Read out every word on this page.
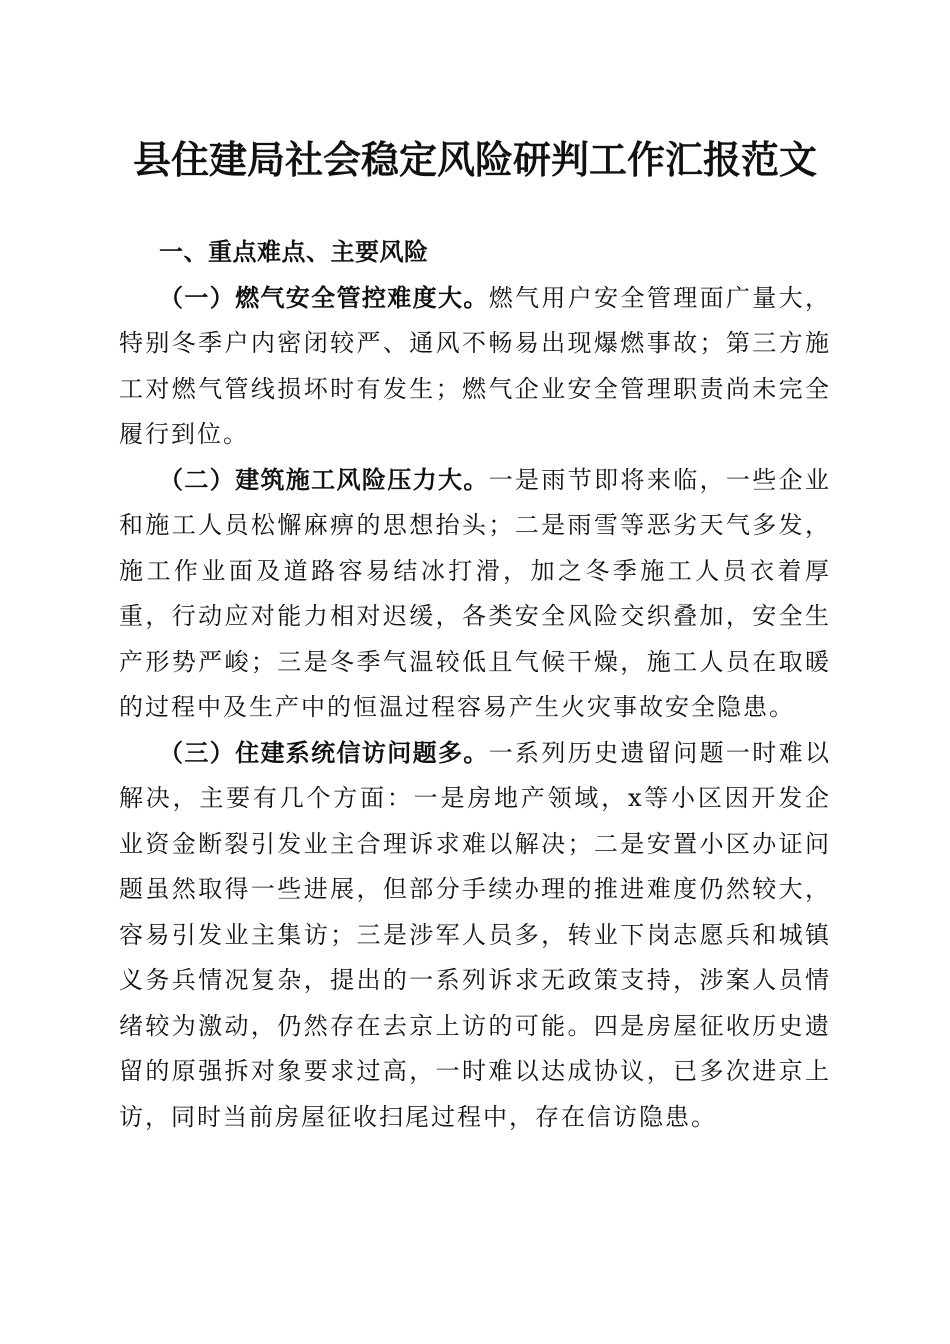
县住建局社会稳定风险研判工作汇报范文

一、重点难点、主要风险

（一）燃气安全管控难度大。燃气用户安全管理面广量大，特别冬季户内密闭较严、通风不畅易出现爆燃事故；第三方施工对燃气管线损坏时有发生；燃气企业安全管理职责尚未完全履行到位。

（二）建筑施工风险压力大。一是雨节即将来临，一些企业和施工人员松懈麻痹的思想抬头；二是雨雪等恶劣天气多发，施工作业面及道路容易结冰打滑，加之冬季施工人员衣着厚重，行动应对能力相对迟缓，各类安全风险交织叠加，安全生产形势严峻；三是冬季气温较低且气候干燥，施工人员在取暖的过程中及生产中的恒温过程容易产生火灾事故安全隐患。

（三）住建系统信访问题多。一系列历史遗留问题一时难以解决，主要有几个方面：一是房地产领域，x等小区因开发企业资金断裂引发业主合理诉求难以解决；二是安置小区办证问题虽然取得一些进展，但部分手续办理的推进难度仍然较大，容易引发业主集访；三是涉军人员多，转业下岗志愿兵和城镇义务兵情况复杂，提出的一系列诉求无政策支持，涉案人员情绪较为激动，仍然存在去京上访的可能。四是房屋征收历史遗留的原强拆对象要求过高，一时难以达成协议，已多次进京上访，同时当前房屋征收扫尾过程中，存在信访隐患。
